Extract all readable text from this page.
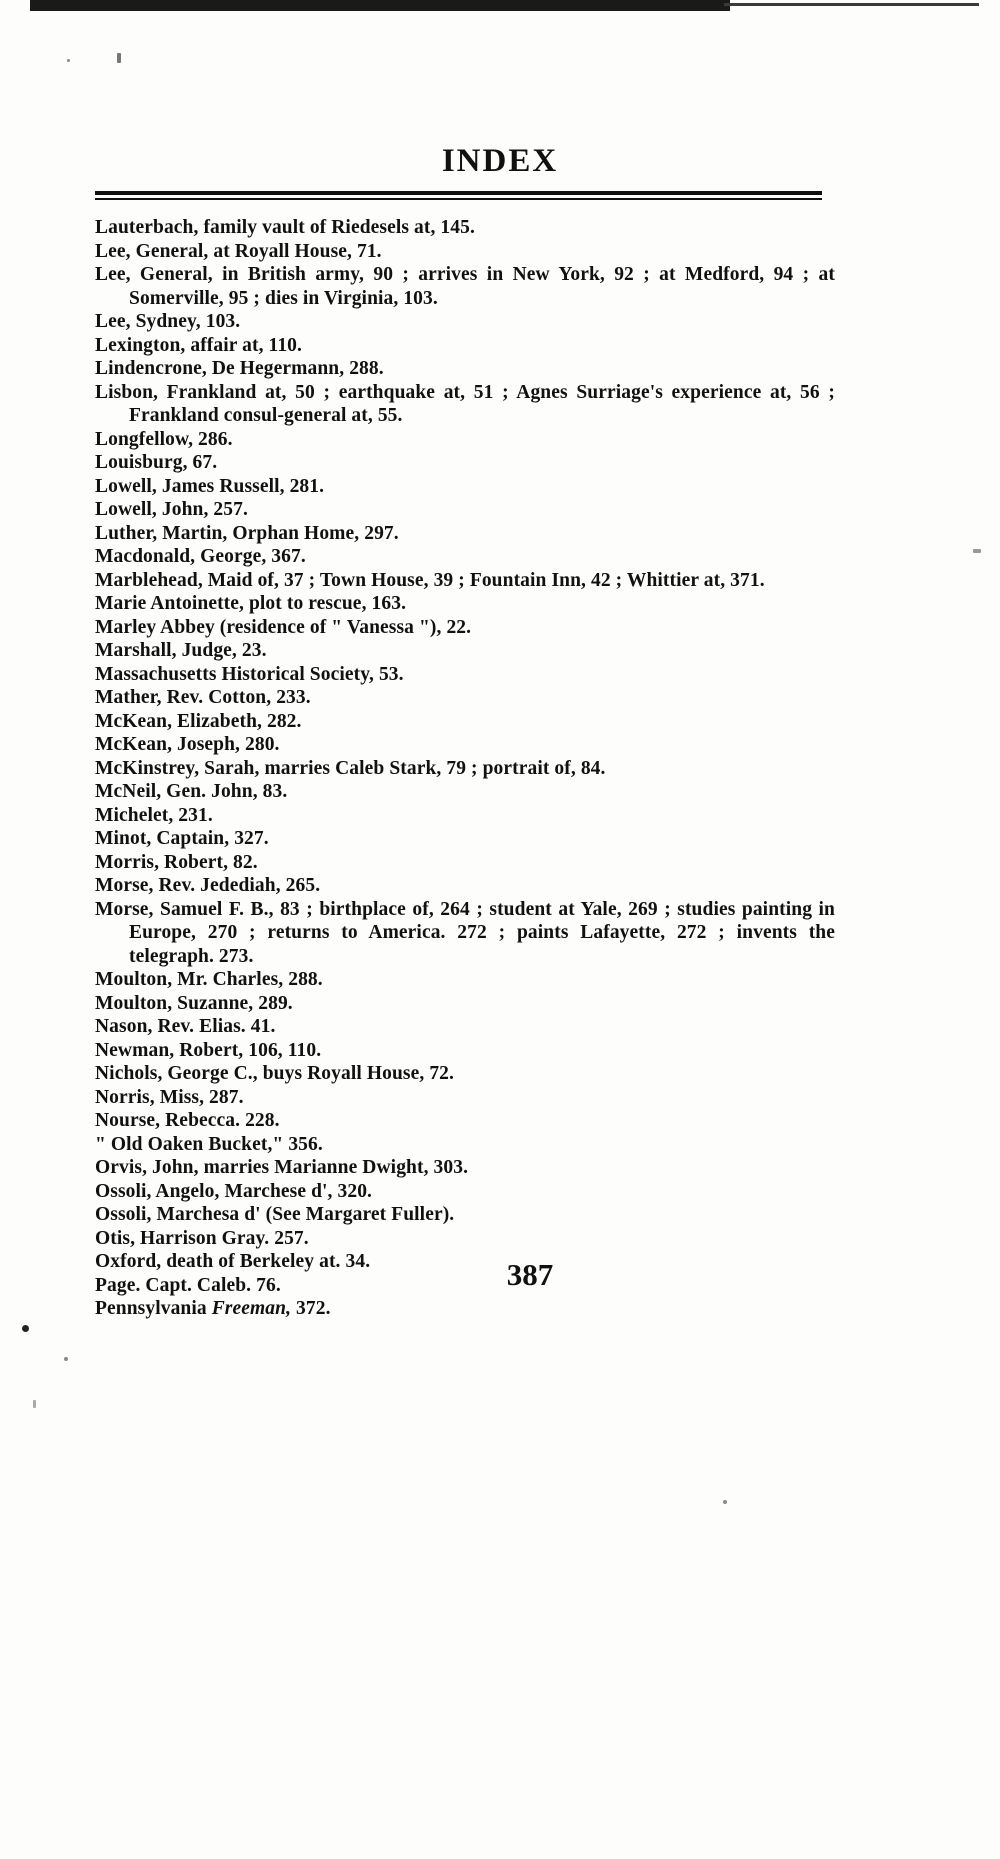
INDEX
Lauterbach, family vault of Riedesels at, 145.
Lee, General, at Royall House, 71.
Lee, General, in British army, 90 ; arrives in New York, 92 ; at Medford, 94 ; at Somerville, 95 ; dies in Virginia, 103.
Lee, Sydney, 103.
Lexington, affair at, 110.
Lindencrone, De Hegermann, 288.
Lisbon, Frankland at, 50 ; earthquake at, 51 ; Agnes Surriage's experience at, 56 ; Frankland consul-general at, 55.
Longfellow, 286.
Louisburg, 67.
Lowell, James Russell, 281.
Lowell, John, 257.
Luther, Martin, Orphan Home, 297.
Macdonald, George, 367.
Marblehead, Maid of, 37 ; Town House, 39 ; Fountain Inn, 42 ; Whittier at, 371.
Marie Antoinette, plot to rescue, 163.
Marley Abbey (residence of " Vanessa "), 22.
Marshall, Judge, 23.
Massachusetts Historical Society, 53.
Mather, Rev. Cotton, 233.
McKean, Elizabeth, 282.
McKean, Joseph, 280.
McKinstrey, Sarah, marries Caleb Stark, 79 ; portrait of, 84.
McNeil, Gen. John, 83.
Michelet, 231.
Minot, Captain, 327.
Morris, Robert, 82.
Morse, Rev. Jedediah, 265.
Morse, Samuel F. B., 83 ; birthplace of, 264 ; student at Yale, 269 ; studies painting in Europe, 270 ; returns to America. 272 ; paints Lafayette, 272 ; invents the telegraph. 273.
Moulton, Mr. Charles, 288.
Moulton, Suzanne, 289.
Nason, Rev. Elias. 41.
Newman, Robert, 106, 110.
Nichols, George C., buys Royall House, 72.
Norris, Miss, 287.
Nourse, Rebecca. 228.
" Old Oaken Bucket," 356.
Orvis, John, marries Marianne Dwight, 303.
Ossoli, Angelo, Marchese d', 320.
Ossoli, Marchesa d' (See Margaret Fuller).
Otis, Harrison Gray. 257.
Oxford, death of Berkeley at. 34.
Page. Capt. Caleb. 76.
Pennsylvania Freeman, 372.
387
